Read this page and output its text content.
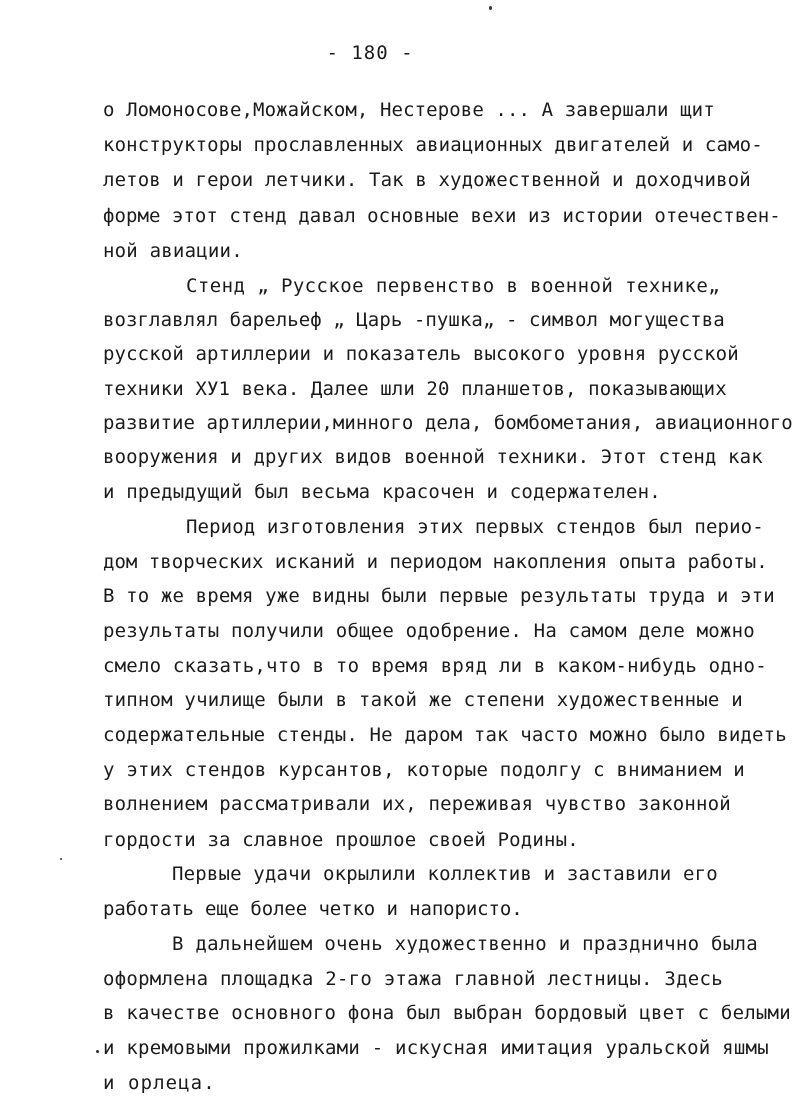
- 180 -
о Ломоносове,Можайском, Нестерове ... А завершали щит
конструкторы прославленных авиационных двигателей и само-
летов и герои летчики. Так в художественной и доходчивой
форме этот стенд давал основные вехи из истории отечествен-
ной авиации.
Стенд „ Русское первенство в военной технике„
возглавлял барельеф „ Царь -пушка„ - символ могущества
русской артиллерии и показатель высокого уровня русской
техники ХУ1 века. Далее шли 20 планшетов, показывающих
развитие артиллерии,минного дела, бомбометания, авиационного
вооружения и других видов военной техники. Этот стенд как
и предыдущий был весьма красочен и содержателен.
Период изготовления этих первых стендов был перио-
дом творческих исканий и периодом накопления опыта работы.
В то же время уже видны были первые результаты труда и эти
результаты получили общее одобрение. На самом деле можно
смело сказать,что в то время вряд ли в каком-нибудь одно-
типном училище были в такой же степени художественные и
содержательные стенды. Не даром так часто можно было видеть
у этих стендов курсантов, которые подолгу с вниманием и
волнением рассматривали их, переживая чувство законной
гордости за славное прошлое своей Родины.
Первые удачи окрылили коллектив и заставили его
работать еще более четко и напористо.
В дальнейшем очень художественно и празднично была
оформлена площадка 2-го этажа главной лестницы. Здесь
в качестве основного фона был выбран бордовый цвет с белыми
и кремовыми прожилками - искусная имитация уральской яшмы
и орлеца.
